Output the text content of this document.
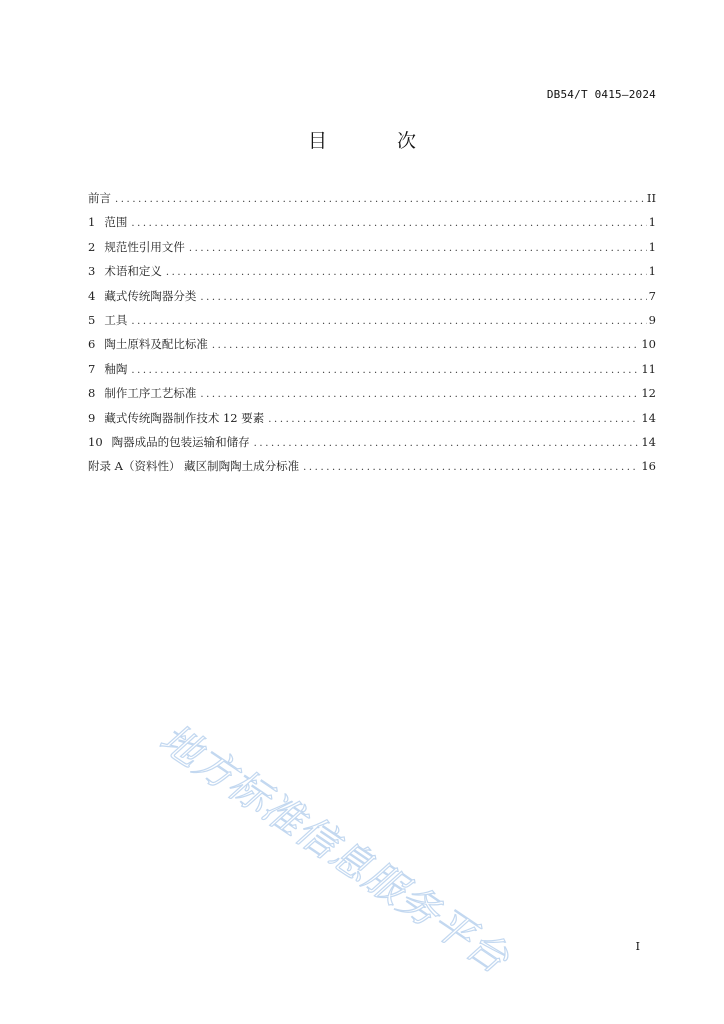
DB54/T 0415—2024
目 次
前言 .....	II
1 范围 .....	1
2 规范性引用文件 .....	1
3 术语和定义 .....	1
4 藏式传统陶器分类 .....	7
5 工具 .....	9
6 陶土原料及配比标准 .....	10
7 釉陶 .....	11
8 制作工序工艺标准 .....	12
9 藏式传统陶器制作技术 12 要素 .....	14
10 陶器成品的包装运输和储存 .....	14
附录 A（资料性） 藏区制陶陶土成分标准 .....	16
地方标准信息服务平台	I
